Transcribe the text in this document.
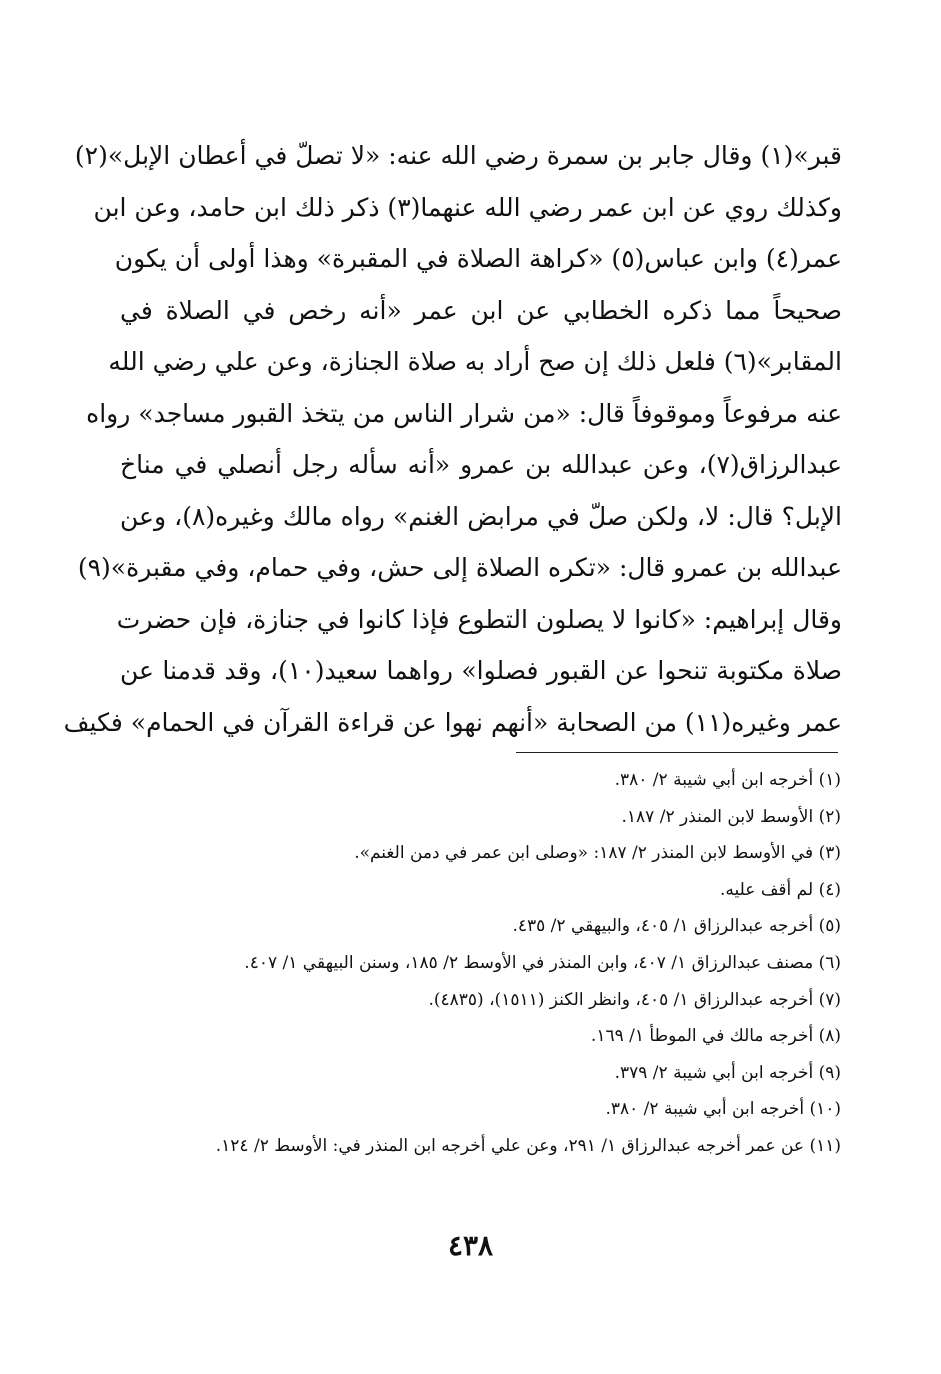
قبر»(١) وقال جابر بن سمرة رضي الله عنه: «لا تصلّ في أعطان الإبل»(٢)
وكذلك روي عن ابن عمر رضي الله عنهما(٣) ذكر ذلك ابن حامد، وعن ابن
عمر(٤) وابن عباس(٥) «كراهة الصلاة في المقبرة» وهذا أولى أن يكون
صحيحاً مما ذكره الخطابي عن ابن عمر «أنه رخص في الصلاة في
المقابر»(٦) فلعل ذلك إن صح أراد به صلاة الجنازة، وعن علي رضي الله
عنه مرفوعاً وموقوفاً قال: «من شرار الناس من يتخذ القبور مساجد» رواه
عبدالرزاق(٧)، وعن عبدالله بن عمرو «أنه سأله رجل أنصلي في مناخ
الإبل؟ قال: لا، ولكن صلّ في مرابض الغنم» رواه مالك وغيره(٨)، وعن
عبدالله بن عمرو قال: «تكره الصلاة إلى حش، وفي حمام، وفي مقبرة»(٩)
وقال إبراهيم: «كانوا لا يصلون التطوع فإذا كانوا في جنازة، فإن حضرت
صلاة مكتوبة تنحوا عن القبور فصلوا» رواهما سعيد(١٠)، وقد قدمنا عن
عمر وغيره(١١) من الصحابة «أنهم نهوا عن قراءة القرآن في الحمام» فكيف
(١) أخرجه ابن أبي شيبة ٢/ ٣٨٠.
(٢) الأوسط لابن المنذر ٢/ ١٨٧.
(٣) في الأوسط لابن المنذر ٢/ ١٨٧: «وصلى ابن عمر في دمن الغنم».
(٤) لم أقف عليه.
(٥) أخرجه عبدالرزاق ١/ ٤٠٥، والبيهقي ٢/ ٤٣٥.
(٦) مصنف عبدالرزاق ١/ ٤٠٧، وابن المنذر في الأوسط ٢/ ١٨٥، وسنن البيهقي ١/ ٤٠٧.
(٧) أخرجه عبدالرزاق ١/ ٤٠٥، وانظر الكنز (١٥١١)، (٤٨٣٥).
(٨) أخرجه مالك في الموطأ ١/ ١٦٩.
(٩) أخرجه ابن أبي شيبة ٢/ ٣٧٩.
(١٠) أخرجه ابن أبي شيبة ٢/ ٣٨٠.
(١١) عن عمر أخرجه عبدالرزاق ١/ ٢٩١، وعن علي أخرجه ابن المنذر في: الأوسط ٢/ ١٢٤.
٤٣٨
